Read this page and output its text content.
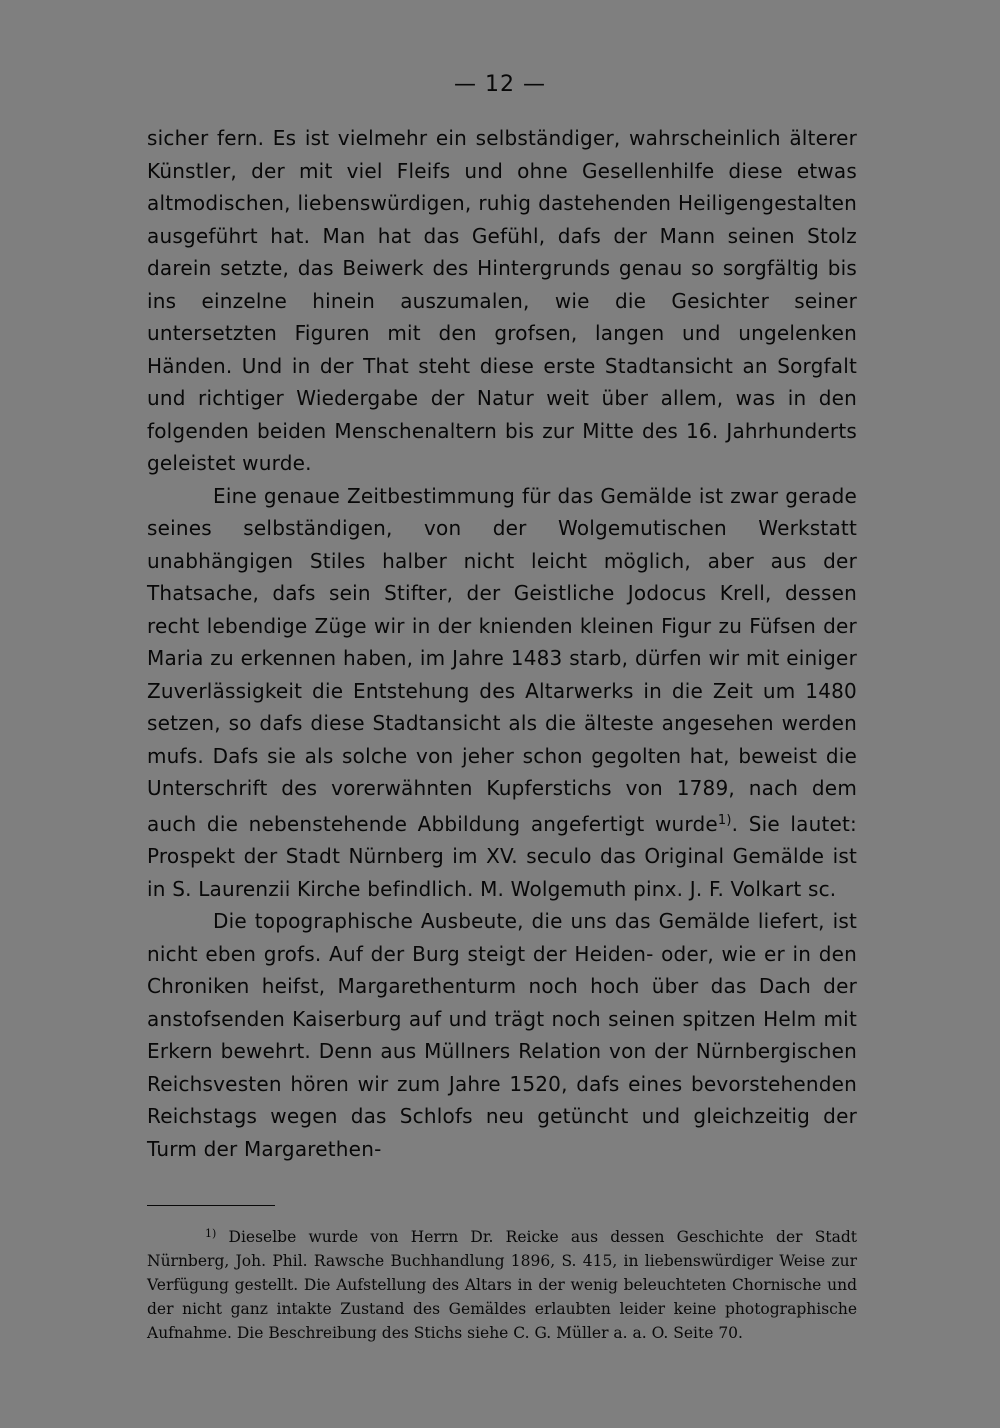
— 12 —

sicher fern. Es ist vielmehr ein selbständiger, wahrscheinlich älterer Künstler, der mit viel Fleifs und ohne Gesellenhilfe diese etwas altmodischen, liebenswürdigen, ruhig dastehenden Heiligengestalten ausgeführt hat. Man hat das Gefühl, dafs der Mann seinen Stolz darein setzte, das Beiwerk des Hintergrunds genau so sorgfältig bis ins einzelne hinein auszumalen, wie die Gesichter seiner untersetzten Figuren mit den grofsen, langen und ungelenken Händen. Und in der That steht diese erste Stadtansicht an Sorgfalt und richtiger Wiedergabe der Natur weit über allem, was in den folgenden beiden Menschenaltern bis zur Mitte des 16. Jahrhunderts geleistet wurde.

Eine genaue Zeitbestimmung für das Gemälde ist zwar gerade seines selbständigen, von der Wolgemutischen Werkstatt unabhängigen Stiles halber nicht leicht möglich, aber aus der Thatsache, dafs sein Stifter, der Geistliche Jodocus Krell, dessen recht lebendige Züge wir in der knienden kleinen Figur zu Füfsen der Maria zu erkennen haben, im Jahre 1483 starb, dürfen wir mit einiger Zuverlässigkeit die Entstehung des Altarwerks in die Zeit um 1480 setzen, so dafs diese Stadtansicht als die älteste angesehen werden mufs. Dafs sie als solche von jeher schon gegolten hat, beweist die Unterschrift des vorerwähnten Kupferstichs von 1789, nach dem auch die nebenstehende Abbildung angefertigt wurde$^{1)}$. Sie lautet: Prospekt der Stadt Nürnberg im XV. seculo das Original Gemälde ist in S. Laurenzii Kirche befindlich. M. Wolgemuth pinx. J. F. Volkart sc.

Die topographische Ausbeute, die uns das Gemälde liefert, ist nicht eben grofs. Auf der Burg steigt der Heiden- oder, wie er in den Chroniken heifst, Margarethenturm noch hoch über das Dach der anstofsenden Kaiserburg auf und trägt noch seinen spitzen Helm mit Erkern bewehrt. Denn aus Müllners Relation von der Nürnbergischen Reichsvesten hören wir zum Jahre 1520, dafs eines bevorstehenden Reichstags wegen das Schlofs neu getüncht und gleichzeitig der Turm der Margarethen-

$^{1)}$ Dieselbe wurde von Herrn Dr. Reicke aus dessen Geschichte der Stadt Nürnberg, Joh. Phil. Rawsche Buchhandlung 1896, S. 415, in liebenswürdiger Weise zur Verfügung gestellt. Die Aufstellung des Altars in der wenig beleuchteten Chornische und der nicht ganz intakte Zustand des Gemäldes erlaubten leider keine photographische Aufnahme. Die Beschreibung des Stichs siehe C. G. Müller a. a. O. Seite 70.
